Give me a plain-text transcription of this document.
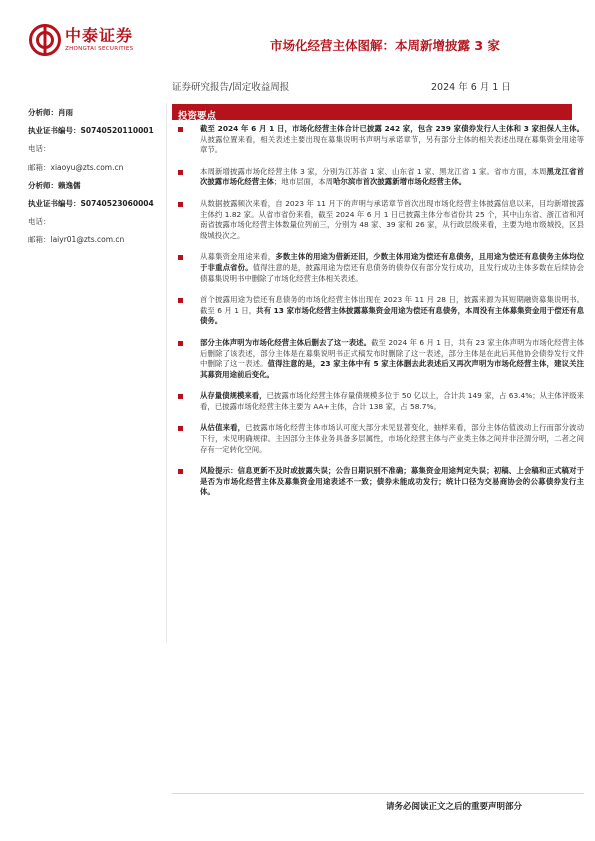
中泰证券
ZHONGTAI SECURITIES	市场化经营主体图解：本周新增披露 3 家
证券研究报告/固定收益周报	2024 年 6 月 1 日
分析师：肖雨
执业证书编号：S0740520110001
电话：
邮箱：xiaoyu@zts.com.cn
分析师：赖逸儒
执业证书编号：S0740523060004
电话：
邮箱：laiyr01@zts.com.cn
投资要点
截至 2024 年 6 月 1 日，市场化经营主体合计已披露 242 家，包含 239 家债券发行人主体和 3 家担保人主体。从披露位置来看，相关表述主要出现在募集说明书声明与承诺章节，另有部分主体的相关表述出现在募集资金用途等章节。
本周新增披露市场化经营主体 3 家，分别为江苏省 1 家、山东省 1 家、黑龙江省 1 家。省市方面，本周黑龙江省首次披露市场化经营主体；地市层面，本周哈尔滨市首次披露新增市场化经营主体。
从数据披露频次来看，自 2023 年 11 月下的声明与承诺章节首次出现市场化经营主体披露信息以来，目均新增披露主体约 1.82 家。从省市省份来看，截至 2024 年 6 月 1 日已披露主体分布省份共 25 个，其中山东省、浙江省和河南省披露市场化经营主体数量位列前三，分别为 48 家、39 家和 26 家，从行政层级来看，主要为地市级城投，区县级城投次之。
从募集资金用途来看，多数主体的用途为借新还旧，少数主体用途为偿还有息债务，且用途为偿还有息债务主体均位于非重点省份。值得注意的是，披露用途为偿还有息债务的债券仅有部分发行成功，且发行成功主体多数在后续协会债募集说明书中删除了市场化经营主体相关表述。
首个披露用途为偿还有息债务的市场化经营主体出现在 2023 年 11 月 28 日，披露来源为其短期融资募集说明书。截至 6 月 1 日，共有 13 家市场化经营主体披露募集资金用途为偿还有息债务，本周没有主体募集资金用于偿还有息债务。
部分主体声明为市场化经营主体后删去了这一表述。截至 2024 年 6 月 1 日，共有 23 家主体声明为市场化经营主体后删除了该表述，部分主体是在募集说明书正式稿发布时删除了这一表述，部分主体是在此后其他协会债券发行文件中删除了这一表述。值得注意的是，23 家主体中有 5 家主体删去此表述后又再次声明为市场化经营主体，建议关注其募资用途前后变化。
从存量债规模来看，已披露市场化经营主体存量债规模多位于 50 亿以上，合计共 149 家，占 63.4%；从主体评级来看，已披露市场化经营主体主要为 AA+主体，合计 138 家，占 58.7%。
从估值来看，已披露市场化经营主体市场认可度大部分未见显著变化，抽样来看，部分主体估值波动上行而部分波动下行，未见明确规律。主因部分主体业务具备多层属性，市场化经营主体与产业类主体之间并非泾渭分明，二者之间存有一定转化空间。
风险提示：信息更新不及时或披露失误；公告日期识别不准确；募集资金用途判定失误；初稿、上会稿和正式稿对于是否为市场化经营主体及募集资金用途表述不一致；债券未能成功发行；统计口径为交易商协会的公募债券发行主体。
请务必阅读正文之后的重要声明部分
